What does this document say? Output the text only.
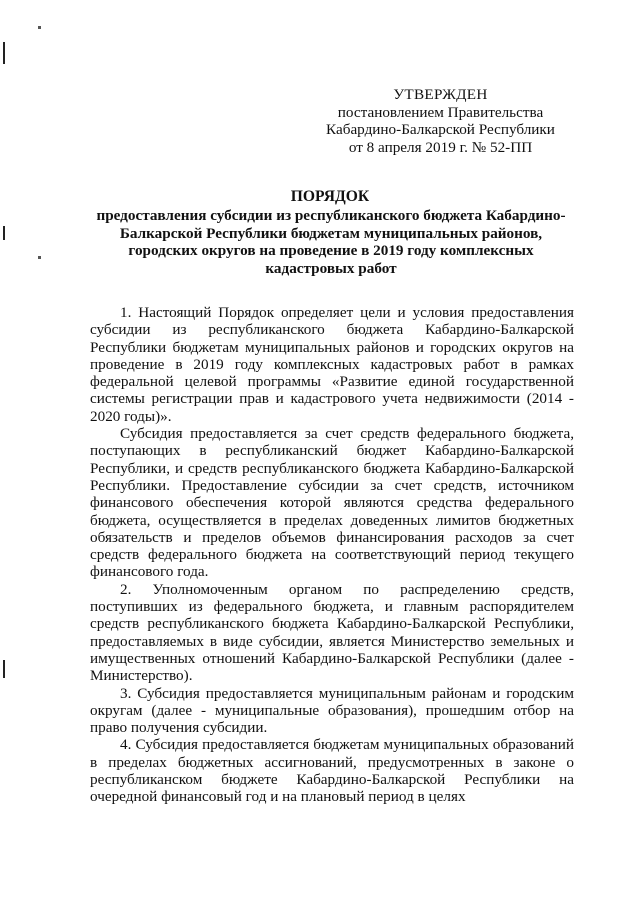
УТВЕРЖДЕН
постановлением Правительства
Кабардино-Балкарской Республики
от 8 апреля 2019 г. № 52-ПП
ПОРЯДОК
предоставления субсидии из республиканского бюджета Кабардино-Балкарской Республики бюджетам муниципальных районов, городских округов на проведение в 2019 году комплексных кадастровых работ

1. Настоящий Порядок определяет цели и условия предоставления субсидии из республиканского бюджета Кабардино-Балкарской Республики бюджетам муниципальных районов и городских округов на проведение в 2019 году комплексных кадастровых работ в рамках федеральной целевой программы «Развитие единой государственной системы регистрации прав и кадастрового учета недвижимости (2014 - 2020 годы)».

Субсидия предоставляется за счет средств федерального бюджета, поступающих в республиканский бюджет Кабардино-Балкарской Республики, и средств республиканского бюджета Кабардино-Балкарской Республики. Предоставление субсидии за счет средств, источником финансового обеспечения которой являются средства федерального бюджета, осуществляется в пределах доведенных лимитов бюджетных обязательств и пределов объемов финансирования расходов за счет средств федерального бюджета на соответствующий период текущего финансового года.

2. Уполномоченным органом по распределению средств, поступивших из федерального бюджета, и главным распорядителем средств республиканского бюджета Кабардино-Балкарской Республики, предоставляемых в виде субсидии, является Министерство земельных и имущественных отношений Кабардино-Балкарской Республики (далее - Министерство).

3. Субсидия предоставляется муниципальным районам и городским округам (далее - муниципальные образования), прошедшим отбор на право получения субсидии.

4. Субсидия предоставляется бюджетам муниципальных образований в пределах бюджетных ассигнований, предусмотренных в законе о республиканском бюджете Кабардино-Балкарской Республики на очередной финансовый год и на плановый период в целях
